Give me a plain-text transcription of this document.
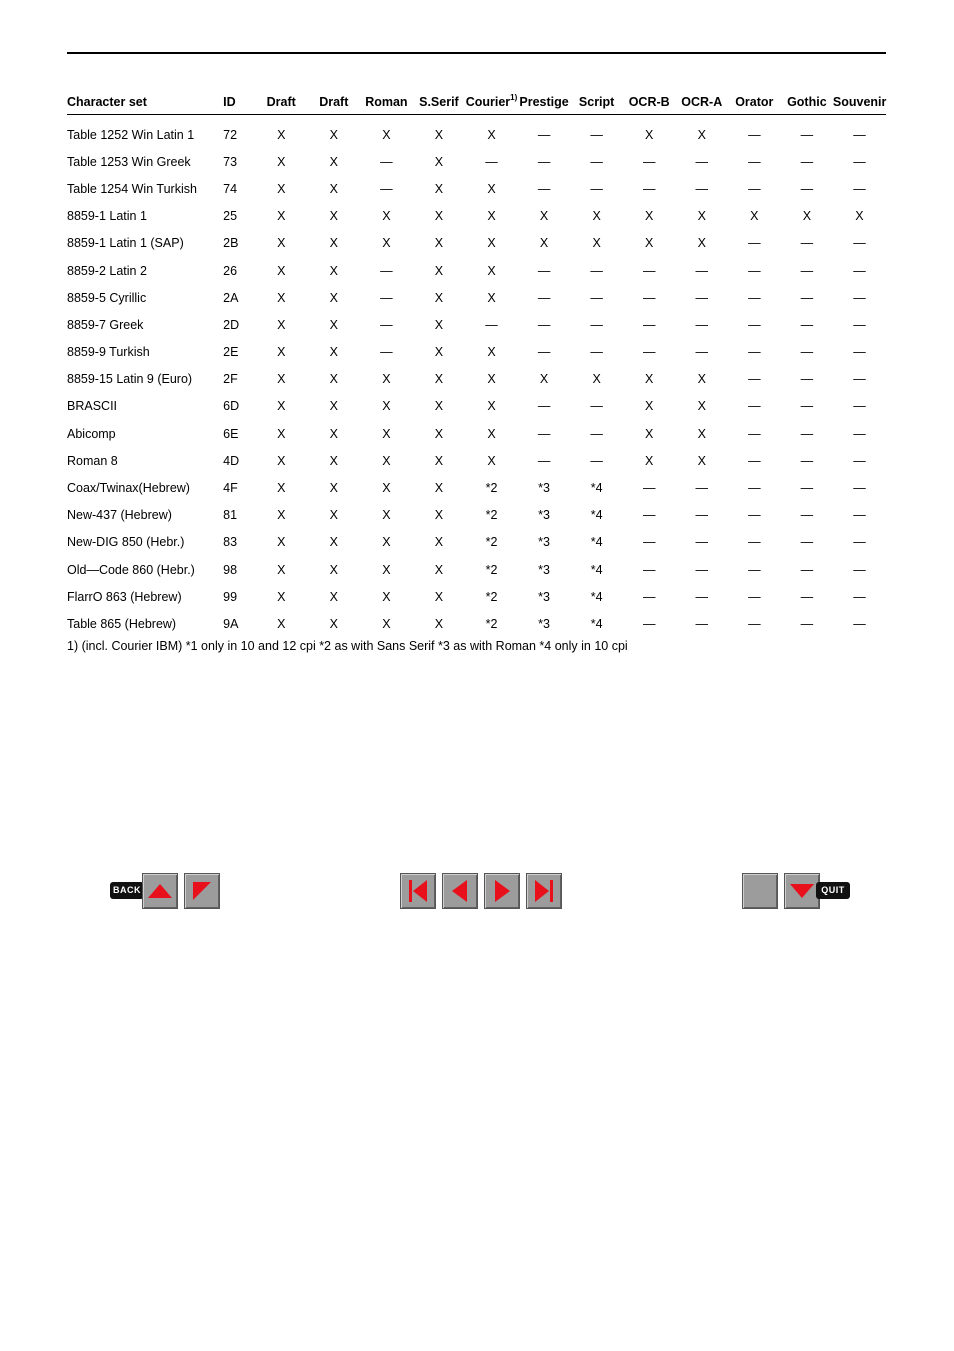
Character set	ID	Draft	Draft	Roman	S.Serif	Courier$^{1)}$	Prestige	Script	OCR-B	OCR-A	Orator	Gothic	Souvenir
Table 1252 Win Latin 1	72	X	X	X	X	X	—	—	X	X	—	—	—
Table 1253 Win Greek	73	X	X	—	X	—	—	—	—	—	—	—	—
Table 1254 Win Turkish	74	X	X	—	X	X	—	—	—	—	—	—	—
8859-1 Latin 1	25	X	X	X	X	X	X	X	X	X	X	X	X
8859-1 Latin 1 (SAP)	2B	X	X	X	X	X	X	X	X	X	—	—	—
8859-2 Latin 2	26	X	X	—	X	X	—	—	—	—	—	—	—
8859-5 Cyrillic	2A	X	X	—	X	X	—	—	—	—	—	—	—
8859-7 Greek	2D	X	X	—	X	—	—	—	—	—	—	—	—
8859-9 Turkish	2E	X	X	—	X	X	—	—	—	—	—	—	—
8859-15 Latin 9 (Euro)	2F	X	X	X	X	X	X	X	X	X	—	—	—
BRASCII	6D	X	X	X	X	X	—	—	X	X	—	—	—
Abicomp	6E	X	X	X	X	X	—	—	X	X	—	—	—
Roman 8	4D	X	X	X	X	X	—	—	X	X	—	—	—
Coax/Twinax(Hebrew)	4F	X	X	X	X	*2	*3	*4	—	—	—	—	—
New-437 (Hebrew)	81	X	X	X	X	*2	*3	*4	—	—	—	—	—
New-DIG 850 (Hebr.)	83	X	X	X	X	*2	*3	*4	—	—	—	—	—
Old—Code 860 (Hebr.)	98	X	X	X	X	*2	*3	*4	—	—	—	—	—
FlarrO 863 (Hebrew)	99	X	X	X	X	*2	*3	*4	—	—	—	—	—
Table 865 (Hebrew)	9A	X	X	X	X	*2	*3	*4	—	—	—	—	—
1) (incl. Courier IBM) *1 only in 10 and 12 cpi *2 as with Sans Serif *3 as with Roman *4 only in 10 cpi
BACK	QUIT
